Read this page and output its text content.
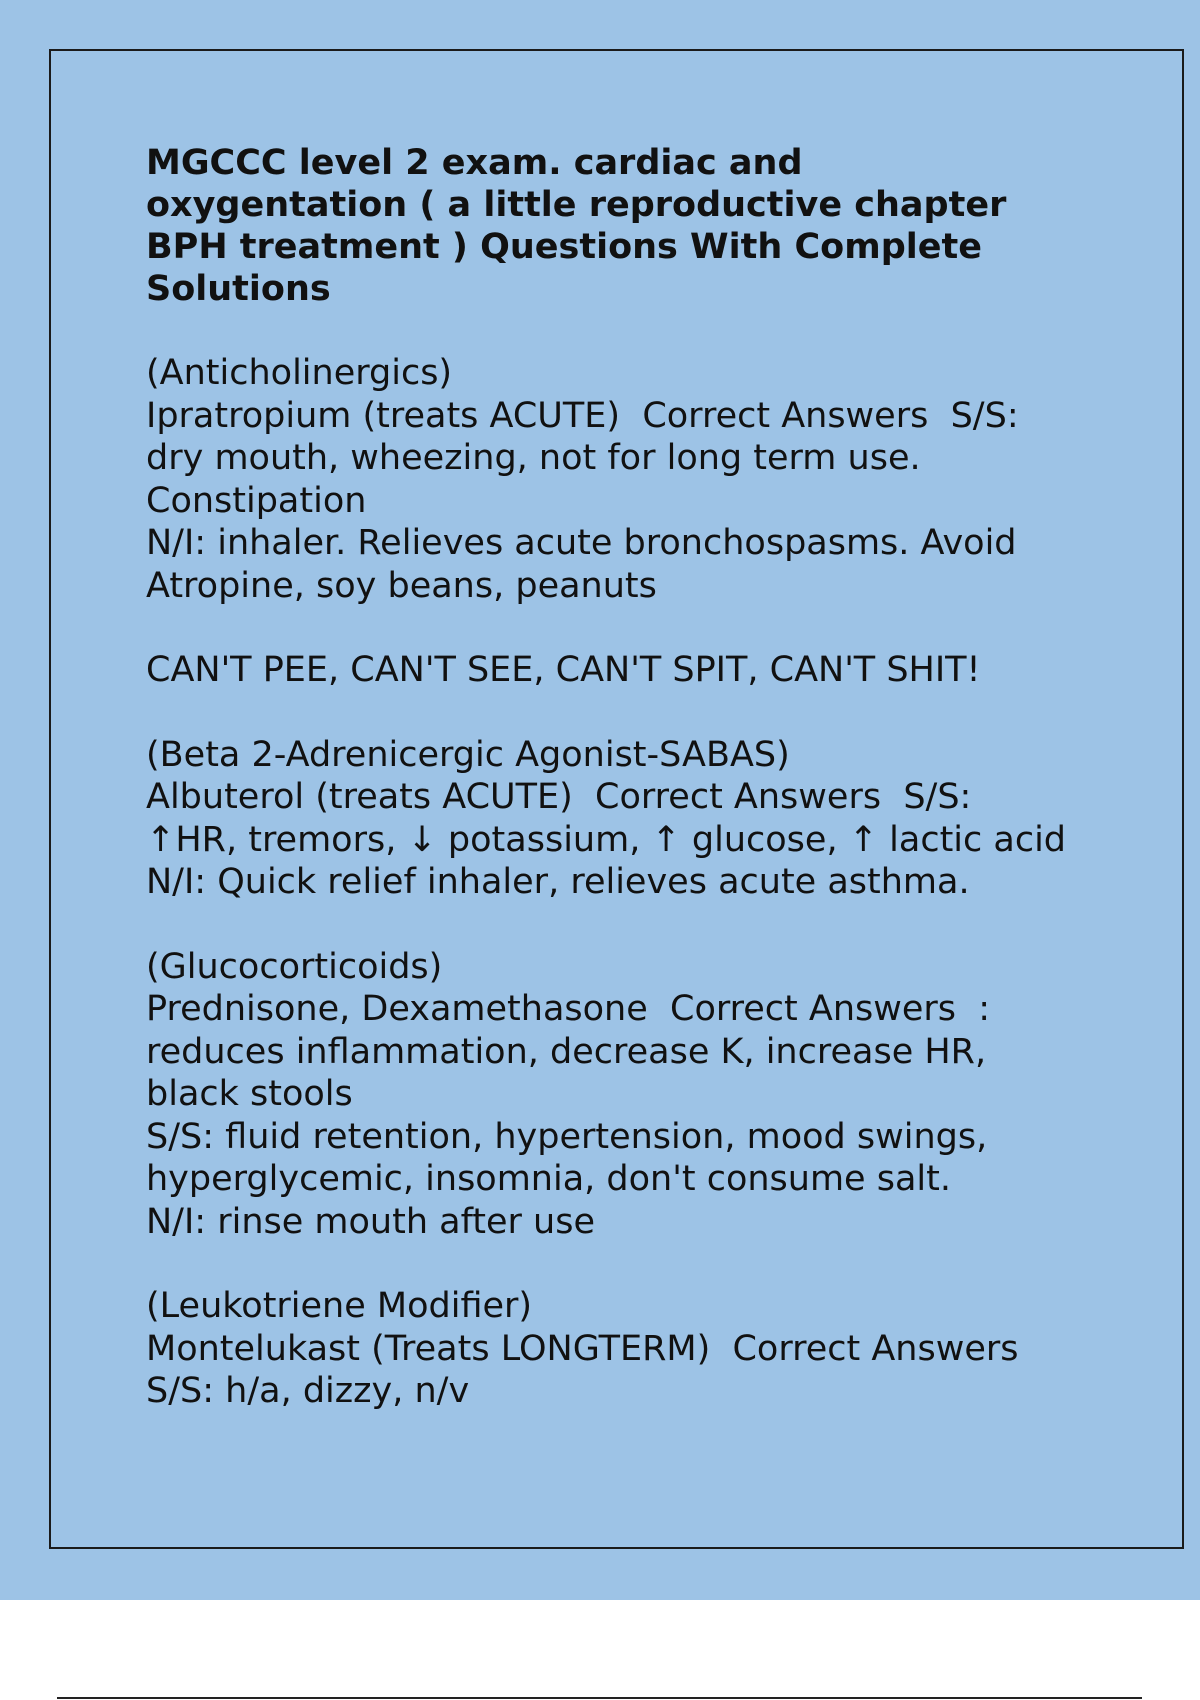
MGCCC level 2 exam. cardiac and
oxygentation ( a little reproductive chapter
BPH treatment ) Questions With Complete
Solutions
(Anticholinergics)
Ipratropium (treats ACUTE)  Correct Answers  S/S:
dry mouth, wheezing, not for long term use.
Constipation
N/I: inhaler. Relieves acute bronchospasms. Avoid
Atropine, soy beans, peanuts
CAN'T PEE, CAN'T SEE, CAN'T SPIT, CAN'T SHIT!
(Beta 2-Adrenicergic Agonist-SABAS)
Albuterol (treats ACUTE)  Correct Answers  S/S:
↑HR, tremors, ↓ potassium, ↑ glucose, ↑ lactic acid
N/I: Quick relief inhaler, relieves acute asthma.
(Glucocorticoids)
Prednisone, Dexamethasone  Correct Answers  :
reduces inflammation, decrease K, increase HR,
black stools
S/S: fluid retention, hypertension, mood swings,
hyperglycemic, insomnia, don't consume salt.
N/I: rinse mouth after use
(Leukotriene Modifier)
Montelukast (Treats LONGTERM)  Correct Answers
S/S: h/a, dizzy, n/v
